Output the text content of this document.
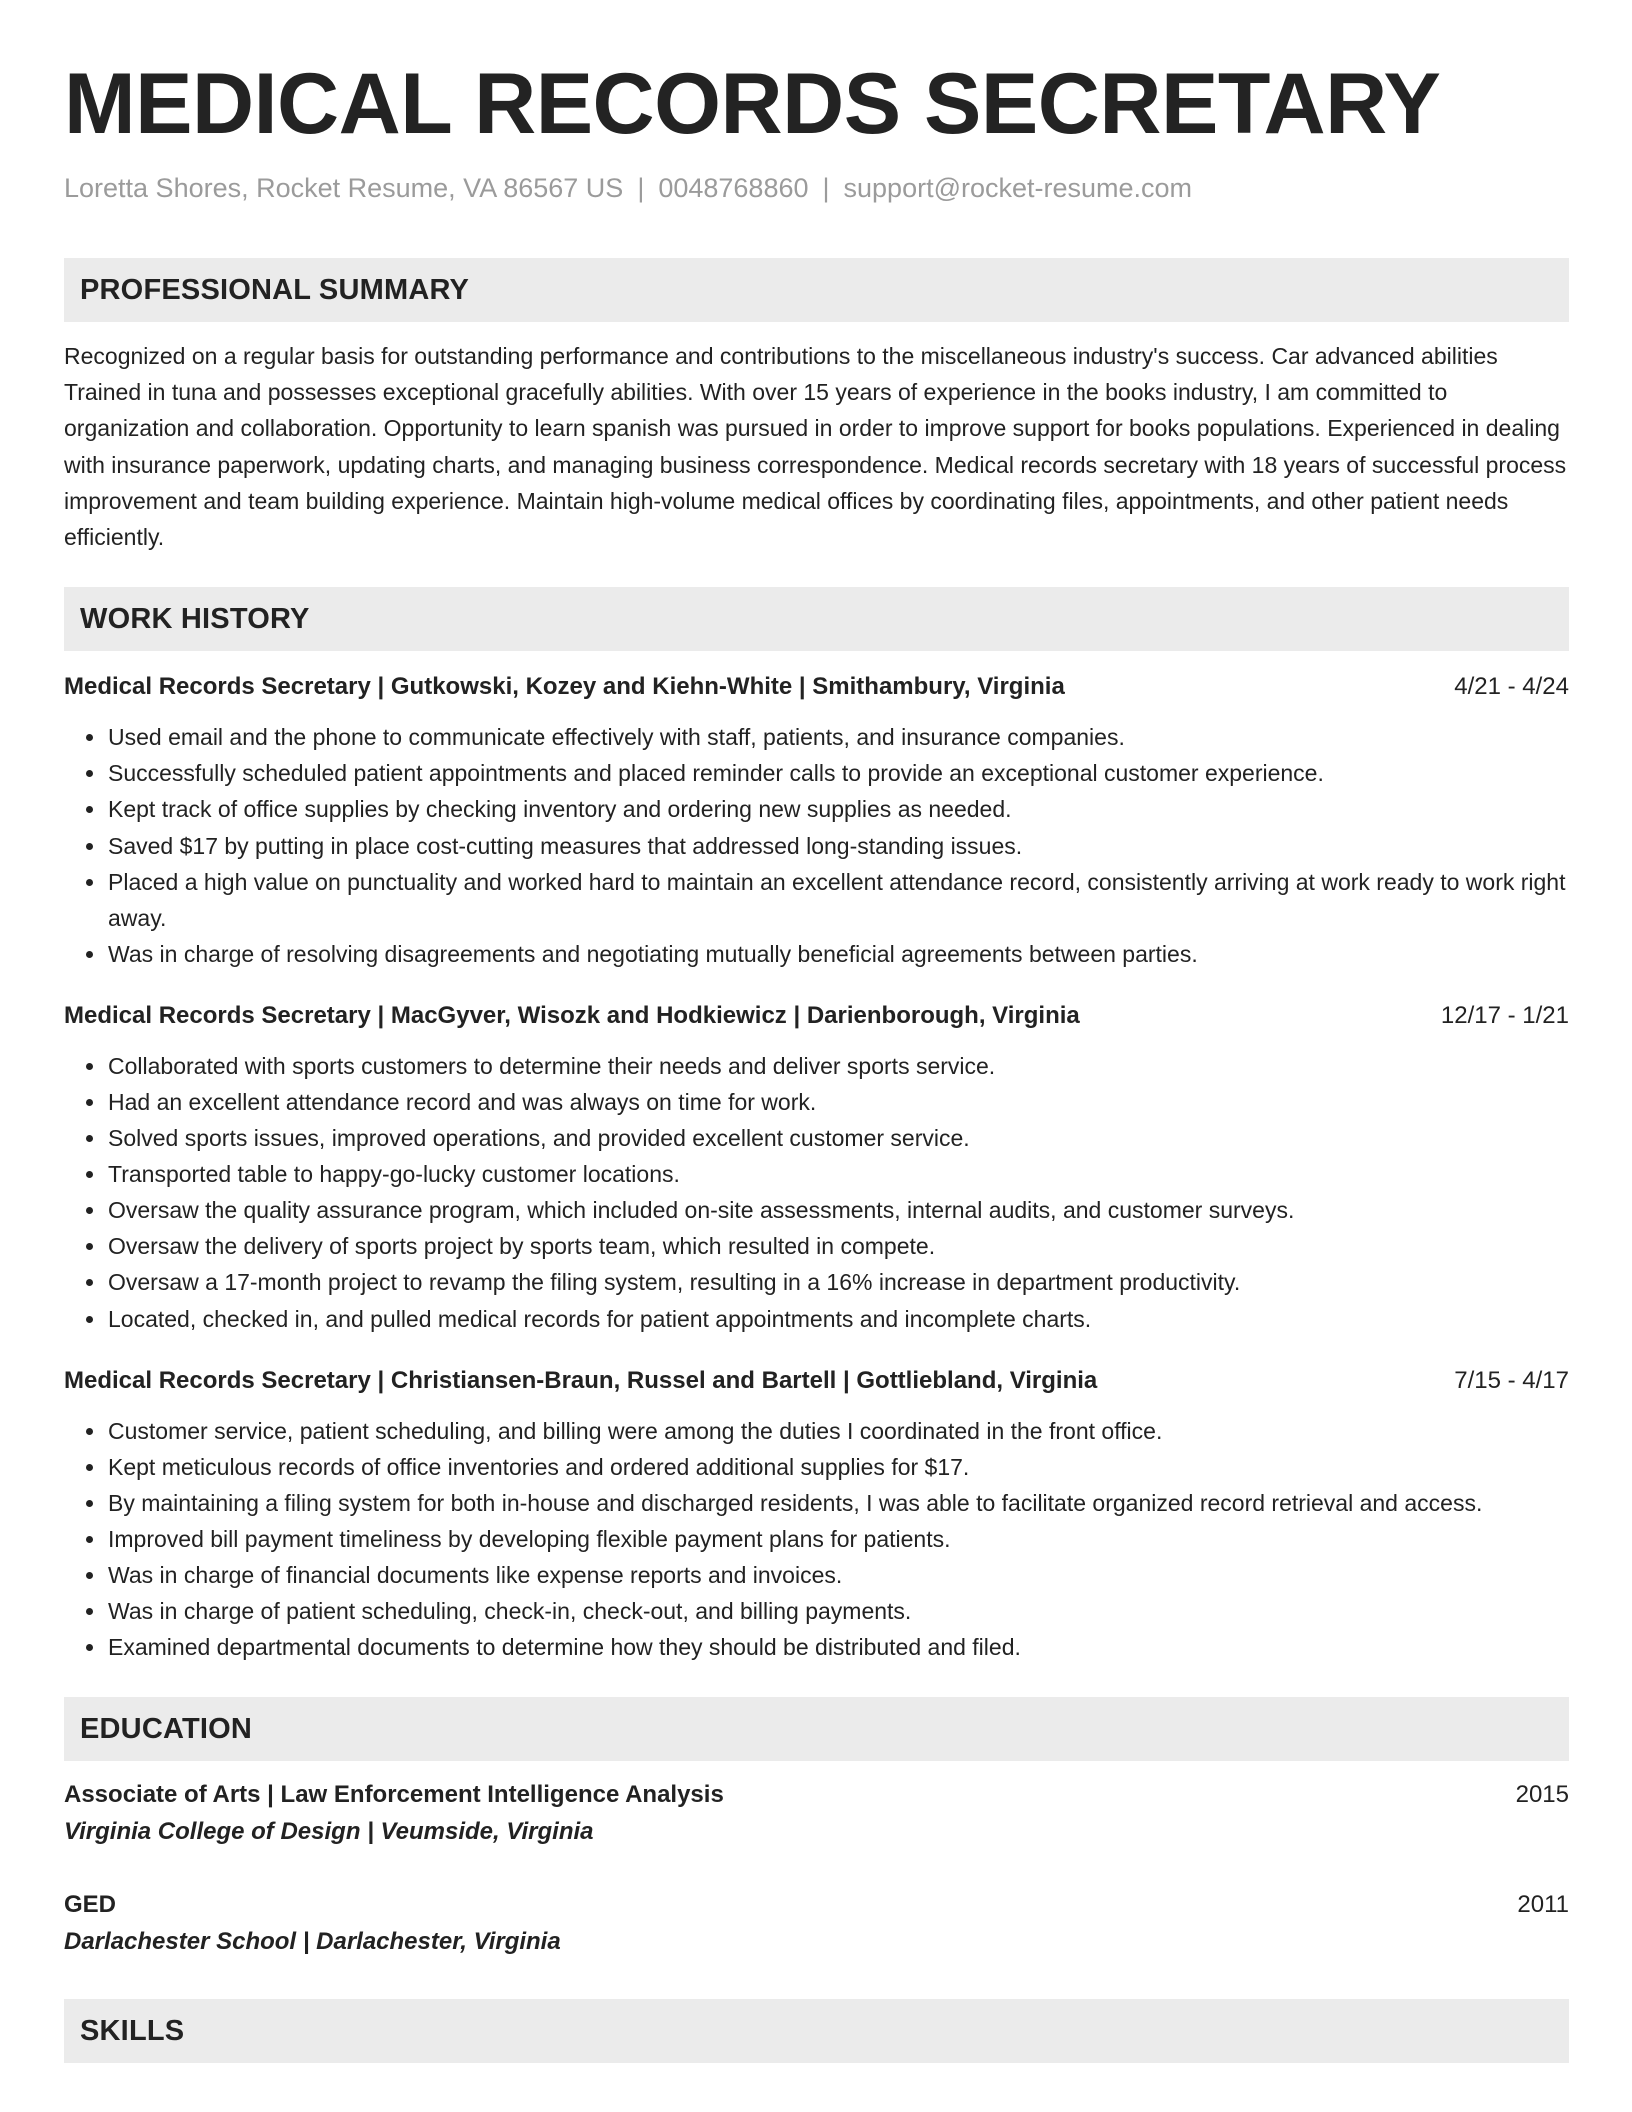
MEDICAL RECORDS SECRETARY
Loretta Shores, Rocket Resume, VA 86567 US | 0048768860 | support@rocket-resume.com
PROFESSIONAL SUMMARY
Recognized on a regular basis for outstanding performance and contributions to the miscellaneous industry's success. Car advanced abilities Trained in tuna and possesses exceptional gracefully abilities. With over 15 years of experience in the books industry, I am committed to organization and collaboration. Opportunity to learn spanish was pursued in order to improve support for books populations. Experienced in dealing with insurance paperwork, updating charts, and managing business correspondence. Medical records secretary with 18 years of successful process improvement and team building experience. Maintain high-volume medical offices by coordinating files, appointments, and other patient needs efficiently.
WORK HISTORY
Medical Records Secretary | Gutkowski, Kozey and Kiehn-White | Smithambury, Virginia	4/21 - 4/24
• Used email and the phone to communicate effectively with staff, patients, and insurance companies.
• Successfully scheduled patient appointments and placed reminder calls to provide an exceptional customer experience.
• Kept track of office supplies by checking inventory and ordering new supplies as needed.
• Saved $17 by putting in place cost-cutting measures that addressed long-standing issues.
• Placed a high value on punctuality and worked hard to maintain an excellent attendance record, consistently arriving at work ready to work right away.
• Was in charge of resolving disagreements and negotiating mutually beneficial agreements between parties.
Medical Records Secretary | MacGyver, Wisozk and Hodkiewicz | Darienborough, Virginia	12/17 - 1/21
• Collaborated with sports customers to determine their needs and deliver sports service.
• Had an excellent attendance record and was always on time for work.
• Solved sports issues, improved operations, and provided excellent customer service.
• Transported table to happy-go-lucky customer locations.
• Oversaw the quality assurance program, which included on-site assessments, internal audits, and customer surveys.
• Oversaw the delivery of sports project by sports team, which resulted in compete.
• Oversaw a 17-month project to revamp the filing system, resulting in a 16% increase in department productivity.
• Located, checked in, and pulled medical records for patient appointments and incomplete charts.
Medical Records Secretary | Christiansen-Braun, Russel and Bartell | Gottliebland, Virginia	7/15 - 4/17
• Customer service, patient scheduling, and billing were among the duties I coordinated in the front office.
• Kept meticulous records of office inventories and ordered additional supplies for $17.
• By maintaining a filing system for both in-house and discharged residents, I was able to facilitate organized record retrieval and access.
• Improved bill payment timeliness by developing flexible payment plans for patients.
• Was in charge of financial documents like expense reports and invoices.
• Was in charge of patient scheduling, check-in, check-out, and billing payments.
• Examined departmental documents to determine how they should be distributed and filed.
EDUCATION
Associate of Arts | Law Enforcement Intelligence Analysis	2015
Virginia College of Design | Veumside, Virginia
GED	2011
Darlachester School | Darlachester, Virginia
SKILLS
